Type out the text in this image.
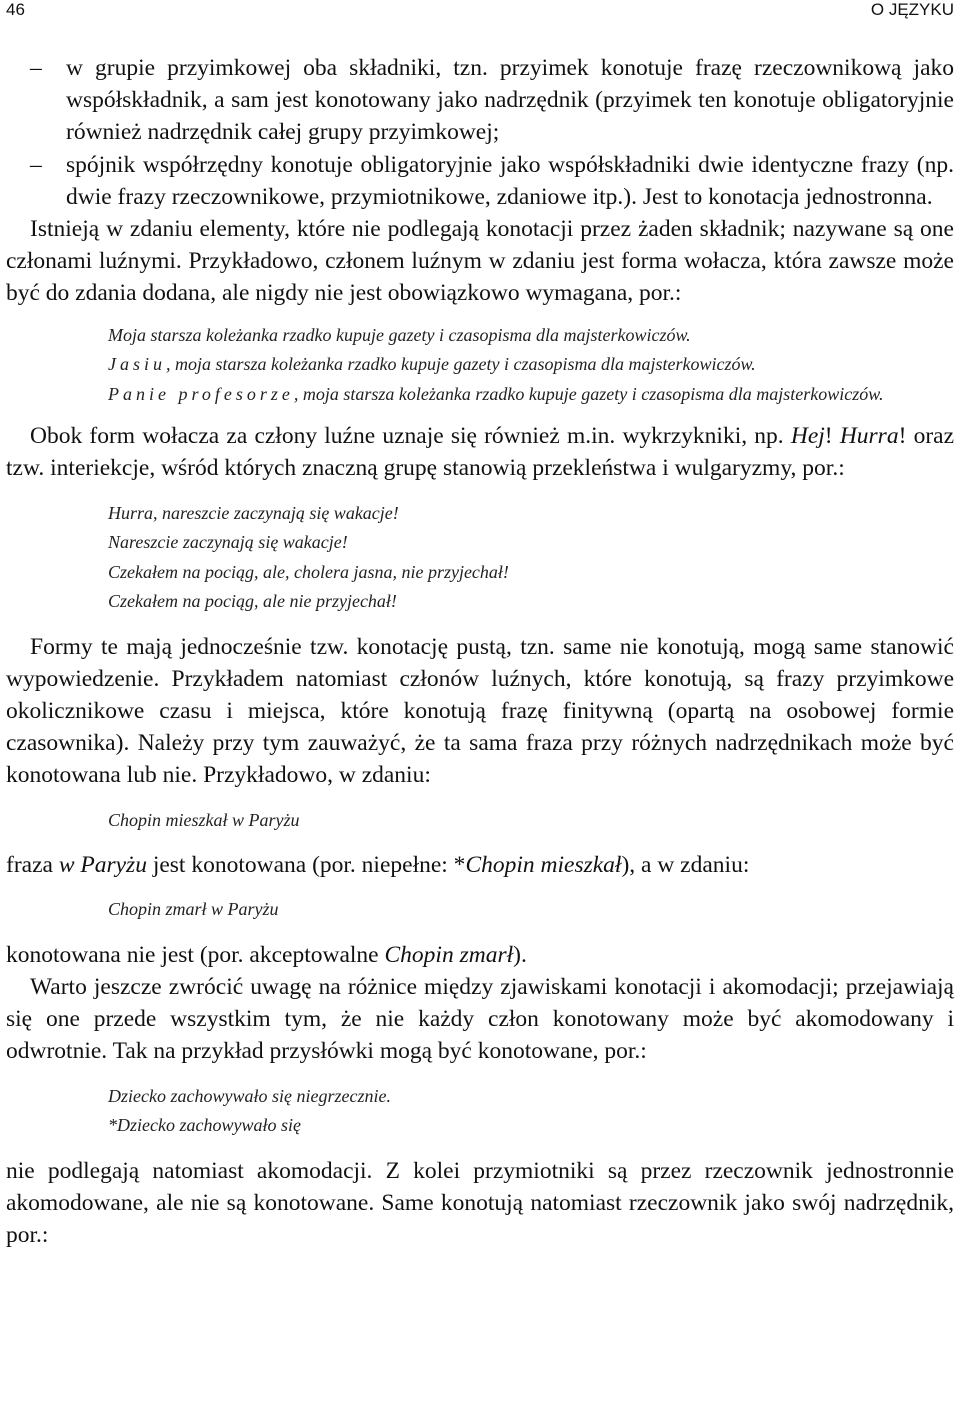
46	O JĘZYKU
– w grupie przyimkowej oba składniki, tzn. przyimek konotuje frazę rzeczownikową jako współskładnik, a sam jest konotowany jako nadrzędnik (przyimek ten konotuje obligatoryjnie również nadrzędnik całej grupy przyimkowej;
– spójnik współrzędny konotuje obligatoryjnie jako współskładniki dwie identyczne frazy (np. dwie frazy rzeczownikowe, przymiotnikowe, zdaniowe itp.). Jest to konotacja jednostronna.

Istnieją w zdaniu elementy, które nie podlegają konotacji przez żaden składnik; nazywane są one członami luźnymi. Przykładowo, członem luźnym w zdaniu jest forma wołacza, która zawsze może być do zdania dodana, ale nigdy nie jest obowiązkowo wymagana, por.:

Moja starsza koleżanka rzadko kupuje gazety i czasopisma dla majsterkowiczów.

Jasiu, moja starsza koleżanka rzadko kupuje gazety i czasopisma dla majsterkowiczów.

Panie profesorze, moja starsza koleżanka rzadko kupuje gazety i czasopisma dla majsterkowiczów.

Obok form wołacza za człony luźne uznaje się również m.in. wykrzykniki, np. Hej! Hurra! oraz tzw. interiekcje, wśród których znaczną grupę stanowią przekleństwa i wulgaryzmy, por.:

Hurra, nareszcie zaczynają się wakacje!

Nareszcie zaczynają się wakacje!

Czekałem na pociąg, ale, cholera jasna, nie przyjechał!

Czekałem na pociąg, ale nie przyjechał!

Formy te mają jednocześnie tzw. konotację pustą, tzn. same nie konotują, mogą same stanowić wypowiedzenie. Przykładem natomiast członów luźnych, które konotują, są frazy przyimkowe okolicznikowe czasu i miejsca, które konotują frazę finitywną (opartą na osobowej formie czasownika). Należy przy tym zauważyć, że ta sama fraza przy różnych nadrzędnikach może być konotowana lub nie. Przykładowo, w zdaniu:

Chopin mieszkał w Paryżu

fraza w Paryżu jest konotowana (por. niepełne: *Chopin mieszkał), a w zdaniu:

Chopin zmarł w Paryżu

konotowana nie jest (por. akceptowalne Chopin zmarł).

Warto jeszcze zwrócić uwagę na różnice między zjawiskami konotacji i akomodacji; przejawiają się one przede wszystkim tym, że nie każdy człon konotowany może być akomodowany i odwrotnie. Tak na przykład przysłówki mogą być konotowane, por.:

Dziecko zachowywało się niegrzecznie.

*Dziecko zachowywało się

nie podlegają natomiast akomodacji. Z kolei przymiotniki są przez rzeczownik jednostronnie akomodowane, ale nie są konotowane. Same konotują natomiast rzeczownik jako swój nadrzędnik, por.:
